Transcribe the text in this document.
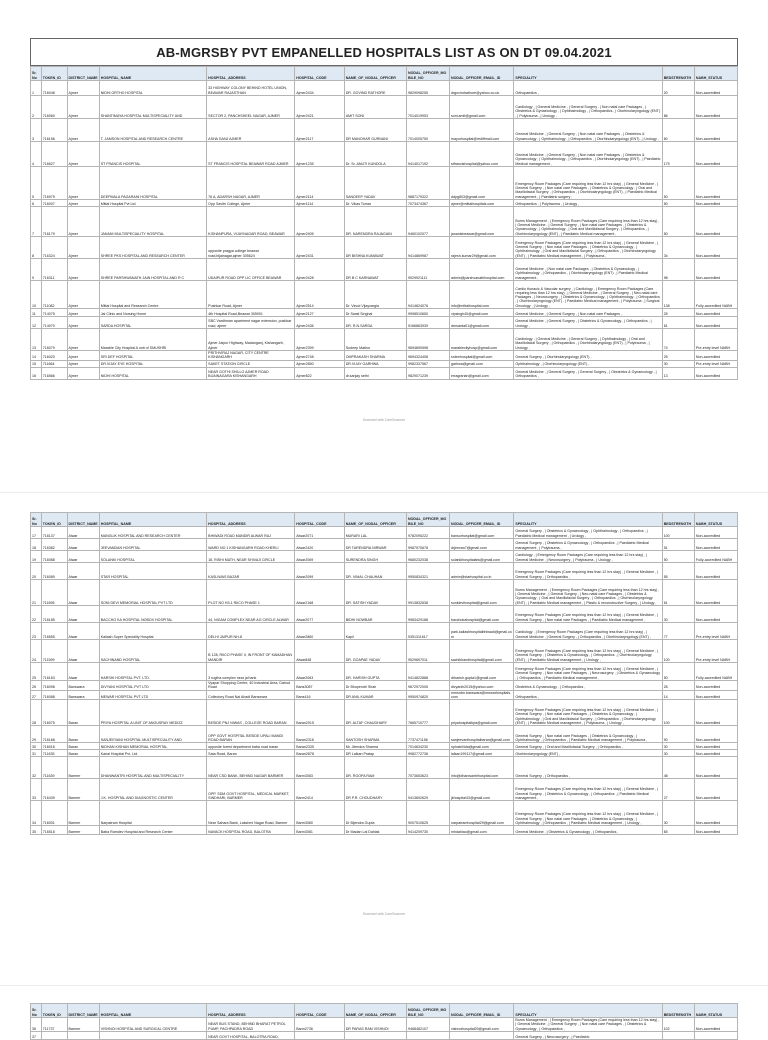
AB-MGRSBY PVT EMPANELLED HOSPITALS LIST AS ON DT 09.04.2021
Sr. No	TOKEN_ID	DISTRICT_NAME	HOSPITAL_NAME	HOSPITAL_ADDRESS	HOSPITAL_CODE	NAME_OF_NODAL_OFFICER	NODAL_OFFICER_MOBILE_NO	NODAL_OFFICER_EMAIL_ID	SPECIALITY	BEDSTRENGTH	NABH_STATUS
1	716048	Ajmer	NIDHI ORTHO HOSPITAL	33 HIGHWAY COLONY BEHIND HOTEL UNION, BEAWAR RAJASTHAN	Ajmer2434	DR. GOVIND RATHORE	9829098255	drgovindrathore@yahoo.co.uk	Orthopaedics ,	20	Non-accredited
2	716060	Ajmer	SHANTIMAYA HOSPITAL MULTISPECIALITY AND	SECTOR 2, PANCHSHEEL NAGAR, AJMER	Ajmer2421	AMIT SONI	7014019953	soni.amit@gmail.com	Cardiology , | General Medicine , | General Surgery , | Non natal care Packages , | Obstetrics & Gynaecology , | Ophthalmology , | Orthopaedics , | Otorhinolaryngology (ENT) , | Polytrauma , | Urology ,	86	Non-accredited
3	716156	Ajmer	T. JAMSON HOSPITAL AND RESEARCH CENTRE	ASHA GANJ AJMER	Ajmer2117	DR MANOHAR GURNANI	7014005750	mayurhospital@rediffmail.com	General Medicine , | General Surgery , | Non natal care Packages , | Obstetrics & Gynaecology , | Ophthalmology , | Orthopaedics , | Otorhinolaryngology (ENT) , | Urology ,	60	Non-accredited
4	716627	Ajmer	ST FRANCIS HOSPITAL	ST FRANCIS HOSPITAL BEAWAR ROAD AJMER	Ajmer1235	Dr. Sr. ANUTI KUNDOLA	9414017192	stfrancishospital@yahoo.com	General Medicine , | General Surgery , | Non natal care Packages , | Obstetrics & Gynaecology , | Ophthalmology , | Orthopaedics , | Otorhinolaryngology (ENT) , | Paediatric Medical management ,	175	Non-accredited
5	716979	Ajmer	DEEPMALA PAGARANI HOSPITAL	76 A, ADARSH NAGAR, AJMER	Ajmer2114	SANDEEP YADAV	9887179322	ddpg803@gmail.com	Emergency Room Packages (Care requiring less than 12 hrs stay) , | General Medicine , | General Surgery , | Non natal care Packages , | Obstetrics & Gynaecology , | Oral and Maxillofacial Surgery , | Orthopaedics , | Otorhinolaryngology (ENT) , | Paediatric Medical management , | Paediatric surgery ,	50	Non-accredited
6	716007	Ajmer	Mittal Hospital Pvt Ltd	Opp Savitri College, Ajmer	Ajmer1114	Dr. Vikas Tomar	7073474367	ajmer@mittalhospitals.com	Orthopaedics , | Polytrauma , | Urology ,	50	Non-accredited
7	716179	Ajmer	JANANI MULTISPECIALITY HOSPITAL	KISHANPURA, VIJAYNAGAR ROAD, BEAWAR	Ajmer2405	DR. NARENDRA RAJAGAIN	9460102077	jananisbeawar@gmail.com	Burns Management , | Emergency Room Packages (Care requiring less than 12 hrs stay) , | General Medicine , | General Surgery , | Non natal care Packages , | Obstetrics & Gynaecology , | Ophthalmology , | Oral and Maxillofacial Surgery , | Orthopaedics , | Otorhinolaryngology (ENT) , | Paediatric Medical management ,	50	Non-accredited
8	716324	Ajmer	SHREE PKS HOSPITAL AND RESEARCH CENTER	opposite pragya college beawar road,bijainagar,ajmer 305624	Ajmer2431	DR BISHNA KUMAWAT	9414869987	rajesh.kumar29@gmail.com	Emergency Room Packages (Care requiring less than 12 hrs stay) , | General Medicine , | General Surgery , | Non natal care Packages , | Obstetrics & Gynaecology , | Ophthalmology , | Oral and Maxillofacial Surgery , | Orthopaedics , | Otorhinolaryngology (ENT) , | Paediatric Medical management , | Polytrauma ,	34	Non-accredited
9	716311	Ajmer	SHREE PARSHWANATH JAIN HOSPITAL AND R C	UDAIPUR ROAD OPP LIC OFFICE BEAWAR	Ajmer2428	DR B C KARNAWAT	9929921111	admin@parshvanathhospital.com	General Medicine , | Non natal care Packages , | Obstetrics & Gynaecology , | Ophthalmology , | Orthopaedics , | Otorhinolaryngology (ENT) , | Paediatric Medical management ,	98	Non-accredited
10	711082	Ajmer	Mittal Hospital and Research Centre	Pushkar Road, Ajmer	Ajmer2514	Dr. Vinod Vijayvargia	9414624076	info@mittalhospital.com	Cardio thoracic & Vascular surgery , | Cardiology , | Emergency Room Packages (Care requiring less than 12 hrs stay) , | General Medicine , | General Surgery , | Neo-natal care Packages , | Neurosurgery , | Obstetrics & Gynaecology , | Ophthalmology , | Orthopaedics , | Otorhinolaryngology (ENT) , | Paediatric Medical management , | Polytrauma , | Surgical Oncology , | Urology ,	138	Fully-accredited NABH
11	714075	Ajmer	Jai Clinic and Nursing Home	4th Hospital Road,Beawar 305901	Ajmer2127	Dr Swati Singhal	9998510650	vipsingh40@gmail.com	General Medicine , | General Surgery , | Non natal care Packages ,	25	Non-accredited
12	714070	Ajmer	SARDA HOSPITAL	SBC Vardhman apartment nagar extension, pushkar road, ajmer	Ajmer2436	DR. R.N.SARDA	9166863939	drnsarda01@gmail.com	General Medicine , | General Surgery , | Obstetrics & Gynaecology , | Orthopaedics , | Urology ,	61	Non-accredited
13	716079	Ajmer	Marable City Hospital A unit of SMUSHRI	Ajmer Jaipur Highway, Madanganj, Kishangarh, Ajmer	Ajmer2399	Sudeep Mathur	9694890598	marablecityhosp@gmail.com	Cardiology , | General Medicine , | General Surgery , | Ophthalmology , | Oral and Maxillofacial Surgery , | Orthopaedics , | Otorhinolaryngology (ENT) , | Polytrauma , | Urology ,	74	Pre-entry level NABH
14	716020	Ajmer	SRI DEF HOSPITAL	PRITHVIRAJ NAGAR, CITY CENTRE KISHANGARH	Ajmer2748	OMPRAKASH SHARMA	9694324408	srdeehospital@gmail.com	General Surgery , | Otorhinolaryngology (ENT) ,	25	Non-accredited
15	711664	Ajmer	DR.VIJAY EYE HOSPITAL	SAKET STATION CIRCLE	Ajmer2850	DR.VIJAY GARHWA	9982337567	garhwa@gmail.com	Ophthalmology , | Otorhinolaryngology (ENT) ,	30	Pre-entry level NABH
16	716566	Ajmer	NIDHI HOSPITAL	NEAR GOTHI SHILLO AJMER ROAD BIJAINAGARA KISHANGARH	Ajmer822	dr.sanjay sethi	9829071239	erragrarian@gmail.com	General Medicine , | General Surgery , | General Surgery , | Obstetrics & Gynaecology , | Orthopaedics ,	13	Non-accredited
Scanned with CamScanner
Sr. No	TOKEN_ID	DISTRICT_NAME	HOSPITAL_NAME	HOSPITAL_ADDRESS	HOSPITAL_CODE	NAME_OF_NODAL_OFFICER	NODAL_OFFICER_MOBILE_NO	NODAL_OFFICER_EMAIL_ID	SPECIALITY	BEDSTRENGTH	NABH_STATUS
17	716137	Alwar	MANGLIK HOSPITAL AND RESEARCH CENTER	BHIWADI ROAD MANDIR ALWAR RAJ	Alwar2071	MURARI LAL	9782095222	bansurhospital@gmail.com	General Surgery , | Obstetrics & Gynaecology , | Ophthalmology , | Orthopaedics , | Paediatric Medical management , | Urology ,	100	Non-accredited
18	716382	Alwar	JEEVANDAN HOSPITAL	WARD NO 1 KISHANGARH ROAD KHERLI	Alwar2420	DR TARENDRA NIRWAR	9987570678	drjeevan7@gmail.com	General Surgery , | Obstetrics & Gynaecology , | Orthopaedics , | Paediatric Medical management , | Polytrauma ,	51	Non-accredited
19	716088	Alwar	SOLANKI HOSPITAL	18, RISHI MATH, NEAR SHIVAJI CIRCLE	Alwar2069	SURENDRA SINGH	9680232038	solankihospitalalw@gmail.com	Cardiology , | Emergency Room Packages (Care requiring less than 12 hrs stay) , | General Medicine , | Neurosurgery , | Polytrauma , | Urology ,	50	Fully-accredited NABH
20	716089	Alwar	STAR HOSPITAL	KASLIWAS BAZAR	Alwar2099	DR. VIMAL CHAUHAN	9950834321	admin@starhospital.co.in	Emergency Room Packages (Care requiring less than 12 hrs stay) , | General Medicine , | General Surgery , | Orthopaedics ,	55	Non-accredited
21	711695	Alwar	SONI DEVI MEMORIAL HOSPITAL PVT LTD	PLOT NO H3-1 RIICO PHASE 1	Alwar2168	DR. SATISH YADAV	9913832638	sonidevihospital@gmail.com	Burns Management , | Emergency Room Packages (Care requiring less than 12 hrs stay) , | General Medicine , | General Surgery , | Neo-natal care Packages , | Obstetrics & Gynaecology , | Oral and Maxillofacial Surgery , | Orthopaedics , | Otorhinolaryngology (ENT) , | Paediatric Medical management , | Plastic & reconstructive Surgery , | Urology ,	61	Non-accredited
22	716185	Alwar	BACCHO KA HOSPITAL NOBOX HOSPITAL	44, NIGAM COMPLEX NEAR AG CIRCLE ALWAR	Alwar2077	BIDHI NOWBAR	9983429188	bacchokahospital@gmail.com	Emergency Room Packages (Care requiring less than 12 hrs stay) , | General Medicine , | General Surgery , | Non natal care Packages , | Paediatric Medical management ,	30	Non-accredited
23	716555	Alwar	Kailash Super Speciality Hospital	DELHI JAIPUR NH-8	Alwar2860	Kapil	9351311617	park.kailashhospitalbhiwadi@gmail.com	Cardiology , | Emergency Room Packages (Care requiring less than 12 hrs stay) , | General Medicine , | General Surgery , | Orthopaedics , | Otorhinolaryngology (ENT) ,	77	Pre-entry level NABH
24	711599	Alwar	SACHINAND HOSPITAL	B 128, RIICO PHASE II, IN FRONT OF KAMADHAN MANDIR	Alwar848	DR. GOAPAE YADAV	9529697011	sachikhandhospital@gmail.com	Emergency Room Packages (Care requiring less than 12 hrs stay) , | General Medicine , | General Surgery , | Obstetrics & Gynaecology , | Orthopaedics , | Otorhinolaryngology (ENT) , | Paediatric Medical management , | Urology ,	100	Pre-entry level NABH
25	716163	Alwar	HARSHI HOSPITAL PVT. LTD.	3 rugtha complex near jal tank	Alwar2063	DR. HARISH GUPTA	9414822888	drharish.gupta1@gmail.com	Emergency Room Packages (Care requiring less than 12 hrs stay) , | General Medicine , | General Surgery , | Non natal care Packages , | Neurosurgery , | Obstetrics & Gynaecology , | Orthopaedics , | Paediatric Medical management ,	50	Fully-accredited NABH
26	716098	Banswara	DIVYANI HOSPITAL PVT LTD	Vyapar Shopping Centre, 40 Industrial Area, Dahod Road	Bans3087	Dr Bhupendri Shah	9672972005	divyanih2015@yahoo.com	Obstetrics & Gynaecology , | Orthopaedics ,	26	Non-accredited
27	716088	Banswara	MEWAR HOSPITAL PVT LTD	Collectory Road Nai Abadi Banswara	Bans416	DR ANIL KUMAR	9950974820	mmsrdm.banswara@mewarhospitals.com	Orthopaedics ,	14	Non-accredited
28	716075	Baran	PRIYA HOSPITAL A UNIT OF ANGUSRAY MEDIZZ	BESIDE PNJ NIWAS , COLLEGE ROAD BARAN	Baran2015	DR. ALTAF CHAUDHARY	7665710777	priyahospitalbpa@gmail.com	Emergency Room Packages (Care requiring less than 12 hrs stay) , | General Medicine , | General Surgery , | Non natal care Packages , | Obstetrics & Gynaecology , | Ophthalmology , | Oral and Maxillofacial Surgery , | Orthopaedics , | Otorhinolaryngology (ENT) , | Paediatric Medical management , | Polytrauma , | Urology ,	100	Non-accredited
29	716168	Baran	SANJEEVANI HOSPITAL MULTISPECIALITY AND	OPP GOVT HOSPITAL BESIDE UPALI MANDI ROAD BARAN	Baran2316	SANTOSH SHARMA	7737471156	sanjeevanihospitalbaran@gmail.com	General Surgery , | Non natal care Packages , | Obstetrics & Gynaecology , | Ophthalmology , | Orthopaedics , | Paediatric Medical management , | Polytrauma ,	90	Non-accredited
30	716016	Baran	NIDHAN KISHAN MEMORIAL HOSPITAL	opposite forest department baba road baran	Baran2335	Mr. Jitendra Sharma	7014634230	nphatel4da@gmail.com	General Surgery , | Oral and Maxillofacial Surgery , | Orthopaedics ,	30	Non-accredited
31	711635	Baran	Kanal Hospital Pvt. Ltd.	Sata Road, Baran	Baran2878	DR Lalkan Pratap	9982772736	lalkan199117@gmail.com	Otorhinolaryngology (ENT) ,	30	Non-accredited
32	711639	Barmer	DHANWANTRI HOSPITAL AND MULTISPECIALITY	NEAR CSD BANK, BEHIND NAGAR BARMER	Barm3083	DR. ROOPA RAM	7073653623	info@dhanwantrihospital.com	General Surgery , | Orthopaedics ,	48	Non-accredited
33	716439	Barmer	J.K. HOSPITAL AND DIAGNOSTIC CENTER	OPP. SDM GOVT HOSPITAL, MEDICAL MARKET, SINDHARI, BARMER	Barm2414	DR P.R. CHOUDHARY	9413692629	jkhospital43@gmail.com	Emergency Room Packages (Care requiring less than 12 hrs stay) , | General Medicine , | General Surgery , | Obstetrics & Gynaecology , | Orthopaedics , | Paediatric Medical management ,	27	Non-accredited
34	716001	Barmer	Narpatram Hospital	Near Sahara Bank, Lakshmi Nagar Road, Barmer	Barm3080	Dr Bijendra Gupta	9007510625	narpatramhospital29@gmail.com	Emergency Room Packages (Care requiring less than 12 hrs stay) , | General Medicine , | General Surgery , | Non natal care Packages , | Obstetrics & Gynaecology , | Ophthalmology , | Orthopaedics , | Paediatric Medical management , | Urology ,	30	Non-accredited
35	716518	Barmer	Baba Ramdev Hospital and Research Center	NAVACK HOSPITAL ROAD, BALOTRA	Barm3081	Dr Madan Lal Dahlak	9414209730	mhdahlac@gmail.com	General Medicine , | Obstetrics & Gynaecology , | Orthopaedics ,	65	Non-accredited
Scanned with CamScanner
Sr. No	TOKEN_ID	DISTRICT_NAME	HOSPITAL_NAME	HOSPITAL_ADDRESS	HOSPITAL_CODE	NAME_OF_NODAL_OFFICER	NODAL_OFFICER_MOBILE_NO	NODAL_OFFICER_EMAIL_ID	SPECIALITY	BEDSTRENGTH	NABH_STATUS
36	711737	Barmer	VISHNOI HOSPITAL AND SURGICAL CENTRE	NEAR BUS STAND, BEHIND BHARAT PETROL PUMP, PACHPADRA ROAD	Barm2736	DR PARAS RAM VISHNOI	9468482107	vishnoihospital29@gmail.com	Burns Management , | Emergency Room Packages (Care requiring less than 12 hrs stay) , | General Medicine , | General Surgery , | Non natal care Packages , | Obstetrics & Gynaecology , | Orthopaedics ,	102	Non-accredited
37				NEAR GOVT HOSPITAL, BALOTRA ROAD,					General Surgery , | Neurosurgery , | Paediatric		
